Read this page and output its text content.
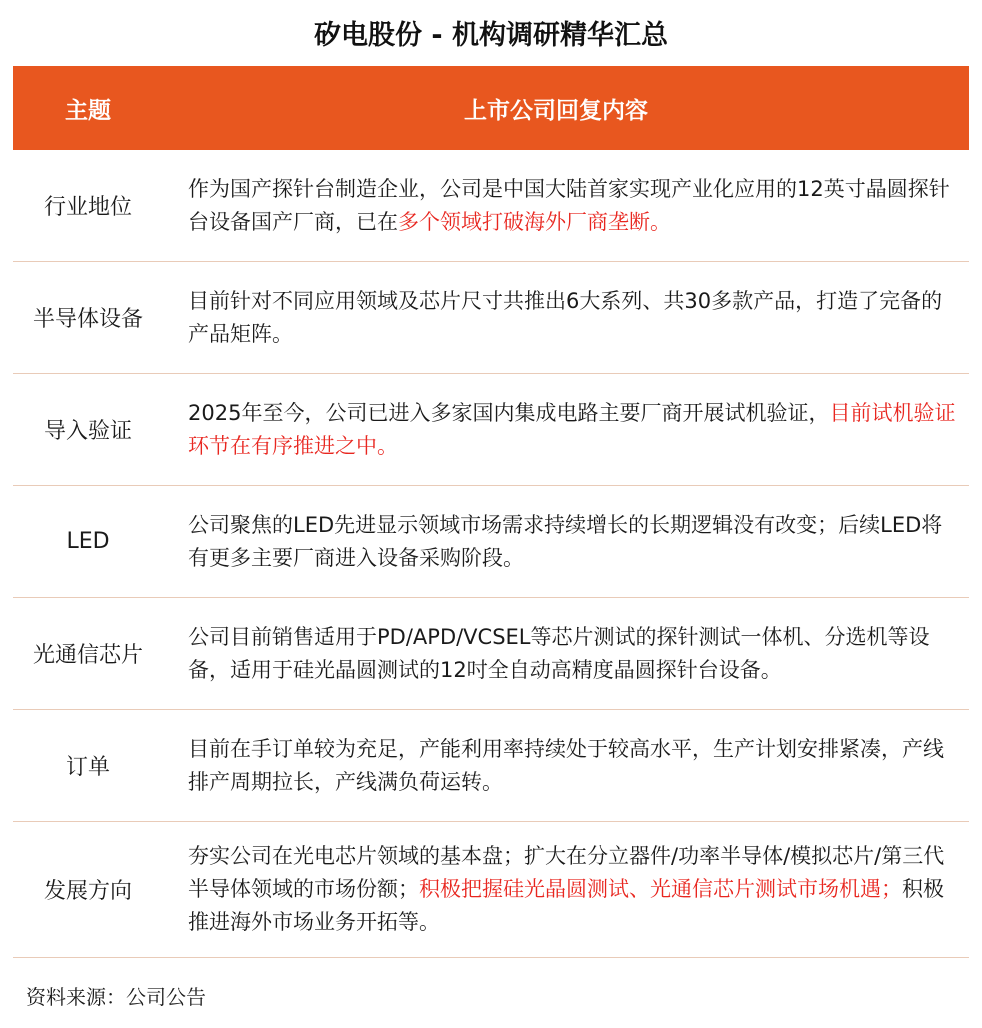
矽电股份 - 机构调研精华汇总
主题	上市公司回复内容
行业地位

作为国产探针台制造企业，公司是中国大陆首家实现产业化应用的12英寸晶圆探针台设备国产厂商，已在多个领域打破海外厂商垄断。

半导体设备

目前针对不同应用领域及芯片尺寸共推出6大系列、共30多款产品，打造了完备的产品矩阵。

导入验证

2025年至今，公司已进入多家国内集成电路主要厂商开展试机验证，目前试机验证环节在有序推进之中。

LED

公司聚焦的LED先进显示领域市场需求持续增长的长期逻辑没有改变；后续LED将有更多主要厂商进入设备采购阶段。

光通信芯片

公司目前销售适用于PD/APD/VCSEL等芯片测试的探针测试一体机、分选机等设备，适用于硅光晶圆测试的12吋全自动高精度晶圆探针台设备。

订单

目前在手订单较为充足，产能利用率持续处于较高水平，生产计划安排紧凑，产线排产周期拉长，产线满负荷运转。

发展方向

夯实公司在光电芯片领域的基本盘；扩大在分立器件/功率半导体/模拟芯片/第三代半导体领域的市场份额；积极把握硅光晶圆测试、光通信芯片测试市场机遇；积极推进海外市场业务开拓等。

资料来源：公司公告
